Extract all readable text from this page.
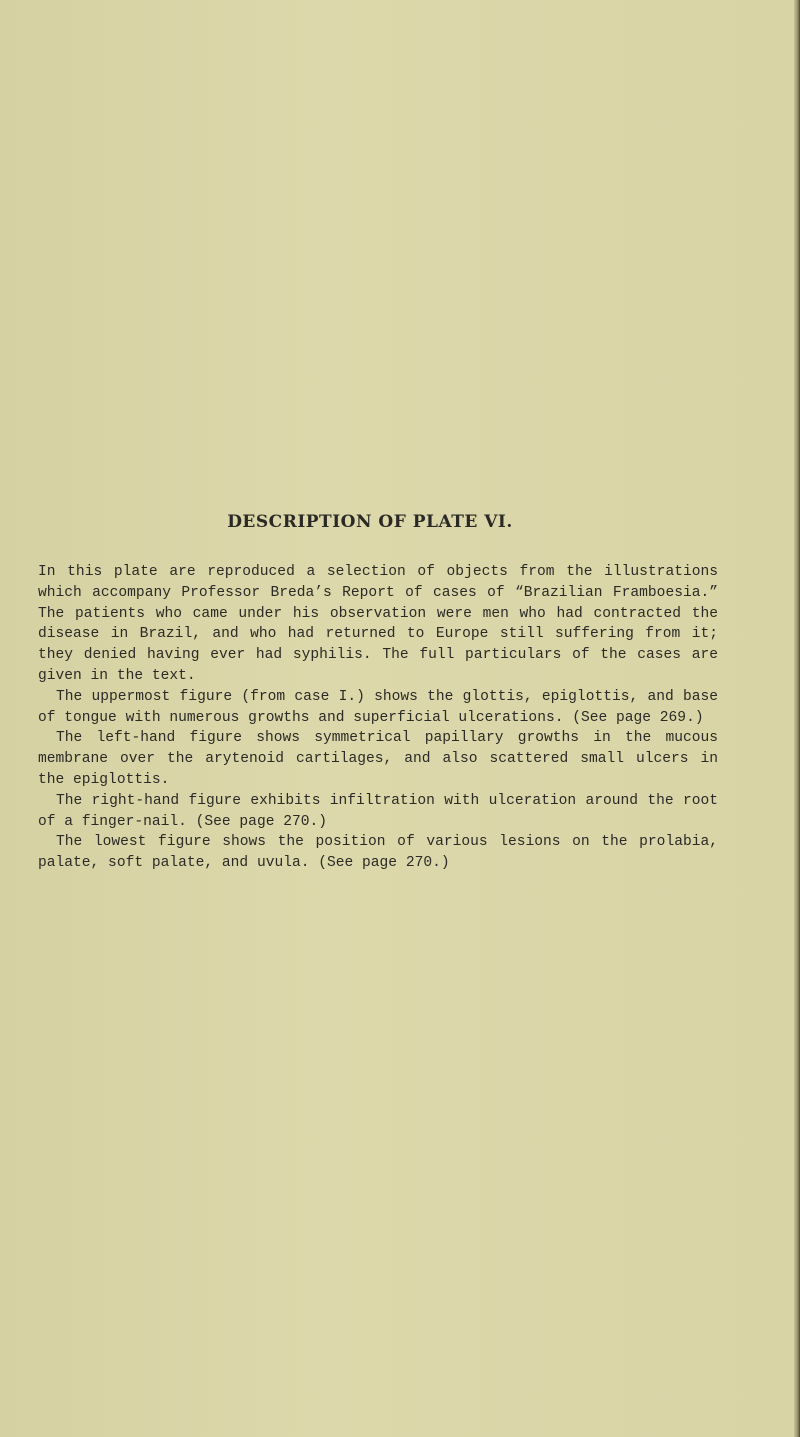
DESCRIPTION OF PLATE VI.

In this plate are reproduced a selection of objects from the illustrations which accompany Professor Breda’s Report of cases of “Brazilian Framboesia.” The patients who came under his observation were men who had contracted the disease in Brazil, and who had returned to Europe still suffering from it; they denied having ever had syphilis. The full particulars of the cases are given in the text.

The uppermost figure (from case I.) shows the glottis, epiglottis, and base of tongue with numerous growths and superficial ulcerations. (See page 269.)

The left-hand figure shows symmetrical papillary growths in the mucous membrane over the arytenoid cartilages, and also scattered small ulcers in the epiglottis.

The right-hand figure exhibits infiltration with ulceration around the root of a finger-nail. (See page 270.)

The lowest figure shows the position of various lesions on the prolabia, palate, soft palate, and uvula. (See page 270.)
